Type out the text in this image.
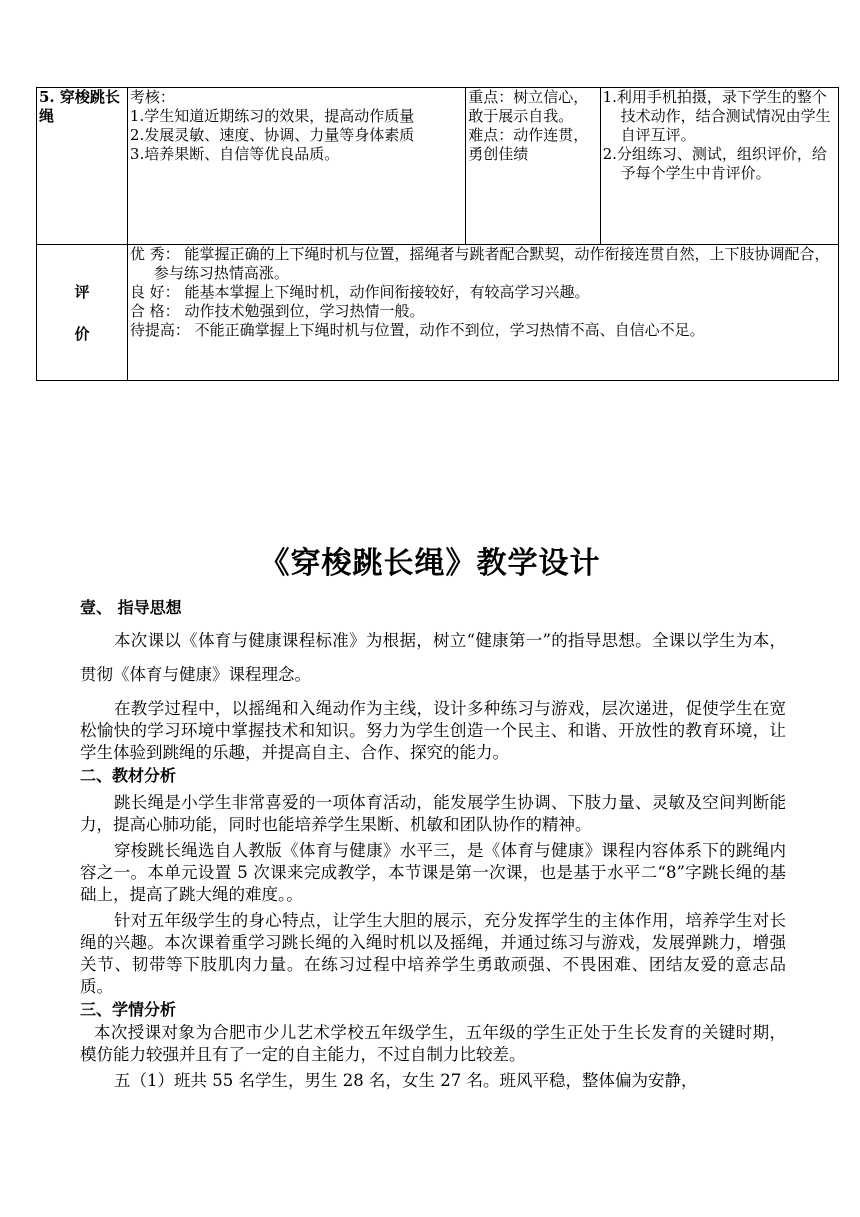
5. 穿梭跳长绳	考核：
1.学生知道近期练习的效果，提高动作质量
2.发展灵敏、速度、协调、力量等身体素质
3.培养果断、自信等优良品质。	重点：树立信心，敢于展示自我。
难点：动作连贯，勇创佳绩	1.利用手机拍摄，录下学生的整个技术动作，结合测试情况由学生自评互评。
2.分组练习、测试，组织评价，给予每个学生中肯评价。

评
价	优 秀： 能掌握正确的上下绳时机与位置，摇绳者与跳者配合默契，动作衔接连贯自然，上下肢协调配合，参与练习热情高涨。
良 好： 能基本掌握上下绳时机，动作间衔接较好，有较高学习兴趣。
合 格： 动作技术勉强到位，学习热情一般。
待提高： 不能正确掌握上下绳时机与位置，动作不到位，学习热情不高、自信心不足。		
《穿梭跳长绳》教学设计

壹、 指导思想

本次课以《体育与健康课程标准》为根据，树立“健康第一”的指导思想。全课以学生为本，贯彻《体育与健康》课程理念。

在教学过程中，以摇绳和入绳动作为主线，设计多种练习与游戏，层次递进，促使学生在宽松愉快的学习环境中掌握技术和知识。努力为学生创造一个民主、和谐、开放性的教育环境，让学生体验到跳绳的乐趣，并提高自主、合作、探究的能力。

二、教材分析

跳长绳是小学生非常喜爱的一项体育活动，能发展学生协调、下肢力量、灵敏及空间判断能力，提高心肺功能，同时也能培养学生果断、机敏和团队协作的精神。

穿梭跳长绳选自人教版《体育与健康》水平三，是《体育与健康》课程内容体系下的跳绳内容之一。本单元设置 5 次课来完成教学，本节课是第一次课，也是基于水平二“8”字跳长绳的基础上，提高了跳大绳的难度。。

针对五年级学生的身心特点，让学生大胆的展示，充分发挥学生的主体作用，培养学生对长绳的兴趣。本次课着重学习跳长绳的入绳时机以及摇绳，并通过练习与游戏，发展弹跳力，增强关节、韧带等下肢肌肉力量。在练习过程中培养学生勇敢顽强、不畏困难、团结友爱的意志品质。

三、学情分析

本次授课对象为合肥市少儿艺术学校五年级学生，五年级的学生正处于生长发育的关键时期，模仿能力较强并且有了一定的自主能力，不过自制力比较差。

五（1）班共 55 名学生，男生 28 名，女生 27 名。班风平稳，整体偏为安静，
